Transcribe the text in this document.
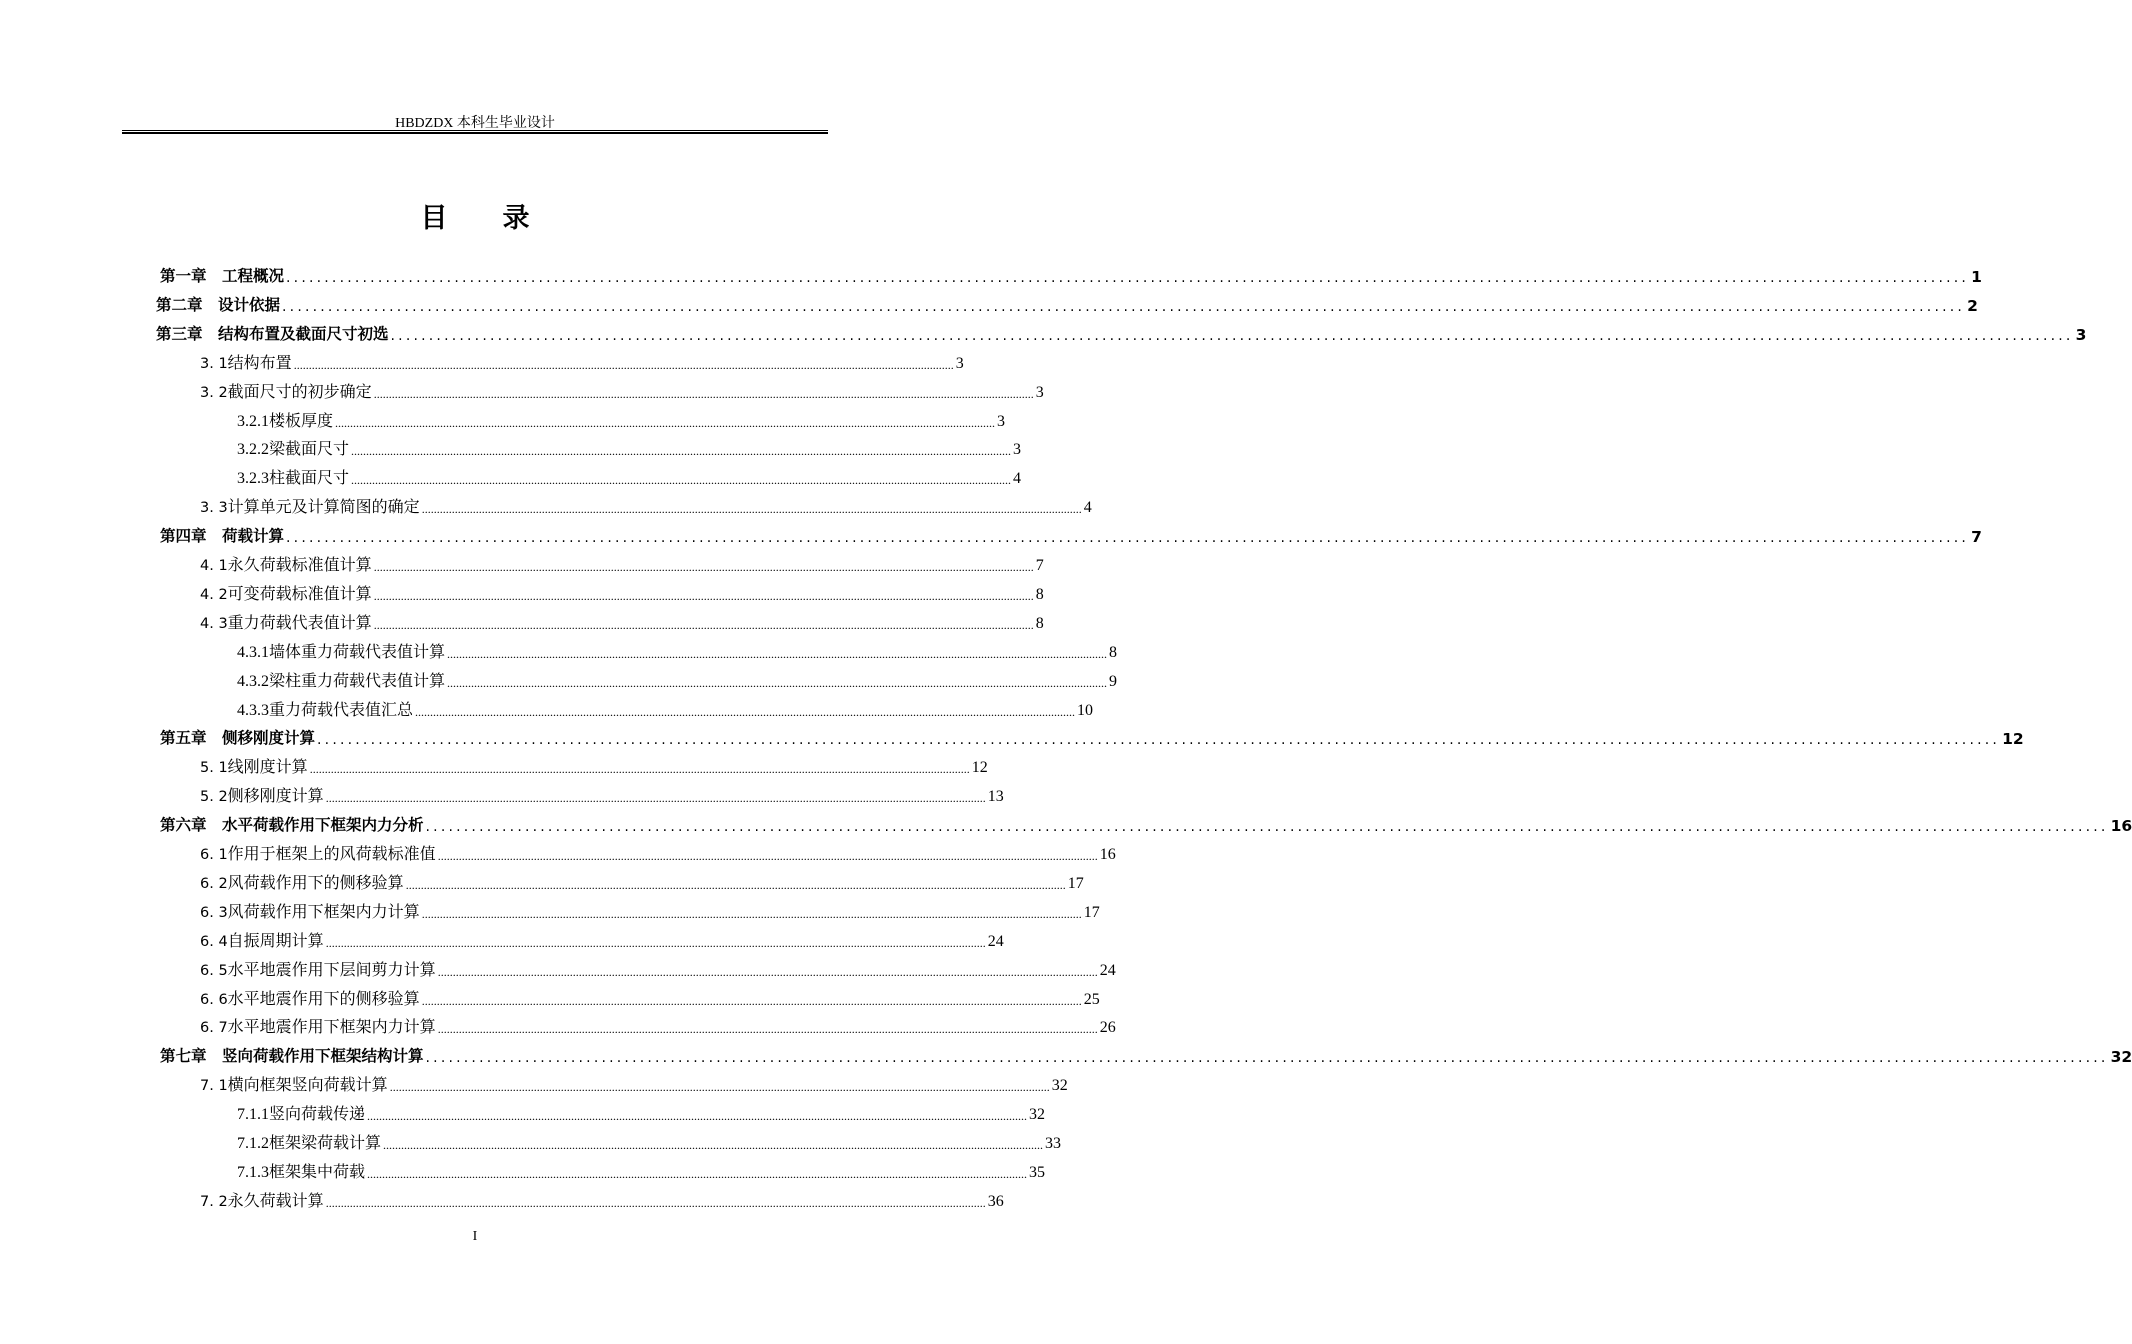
HBDZDX 本科生毕业设计
目录
第一章　工程概况 ............................................................................................................................................................................................................................ 1
第二章　设计依据 ............................................................................................................................................................................................................................ 2
第三章　结构布置及截面尺寸初选 ............................................................................................................................................................................................................................ 3
3. 1结构布置 ............................................................................................................................................................................................................................ 3
3. 2截面尺寸的初步确定 ............................................................................................................................................................................................................................ 3
3.2.1楼板厚度 ............................................................................................................................................................................................................................ 3
3.2.2梁截面尺寸 ............................................................................................................................................................................................................................ 3
3.2.3柱截面尺寸 ............................................................................................................................................................................................................................ 4
3. 3计算单元及计算简图的确定 ............................................................................................................................................................................................................................ 4
第四章　荷载计算 ............................................................................................................................................................................................................................ 7
4. 1永久荷载标准值计算 ............................................................................................................................................................................................................................ 7
4. 2可变荷载标准值计算 ............................................................................................................................................................................................................................ 8
4. 3重力荷载代表值计算 ............................................................................................................................................................................................................................ 8
4.3.1墙体重力荷载代表值计算 ............................................................................................................................................................................................................................ 8
4.3.2梁柱重力荷载代表值计算 ............................................................................................................................................................................................................................ 9
4.3.3重力荷载代表值汇总 ............................................................................................................................................................................................................................ 10
第五章　侧移刚度计算 ............................................................................................................................................................................................................................ 12
5. 1线刚度计算 ............................................................................................................................................................................................................................ 12
5. 2侧移刚度计算 ............................................................................................................................................................................................................................ 13
第六章　水平荷载作用下框架内力分析 ............................................................................................................................................................................................................................ 16
6. 1作用于框架上的风荷载标准值 ............................................................................................................................................................................................................................ 16
6. 2风荷载作用下的侧移验算 ............................................................................................................................................................................................................................ 17
6. 3风荷载作用下框架内力计算 ............................................................................................................................................................................................................................ 17
6. 4自振周期计算 ............................................................................................................................................................................................................................ 24
6. 5水平地震作用下层间剪力计算 ............................................................................................................................................................................................................................ 24
6. 6水平地震作用下的侧移验算 ............................................................................................................................................................................................................................ 25
6. 7水平地震作用下框架内力计算 ............................................................................................................................................................................................................................ 26
第七章　竖向荷载作用下框架结构计算 ............................................................................................................................................................................................................................ 32
7. 1横向框架竖向荷载计算 ............................................................................................................................................................................................................................ 32
7.1.1竖向荷载传递 ............................................................................................................................................................................................................................ 32
7.1.2框架梁荷载计算 ............................................................................................................................................................................................................................ 33
7.1.3框架集中荷载 ............................................................................................................................................................................................................................ 35
7. 2永久荷载计算 ............................................................................................................................................................................................................................ 36
I
